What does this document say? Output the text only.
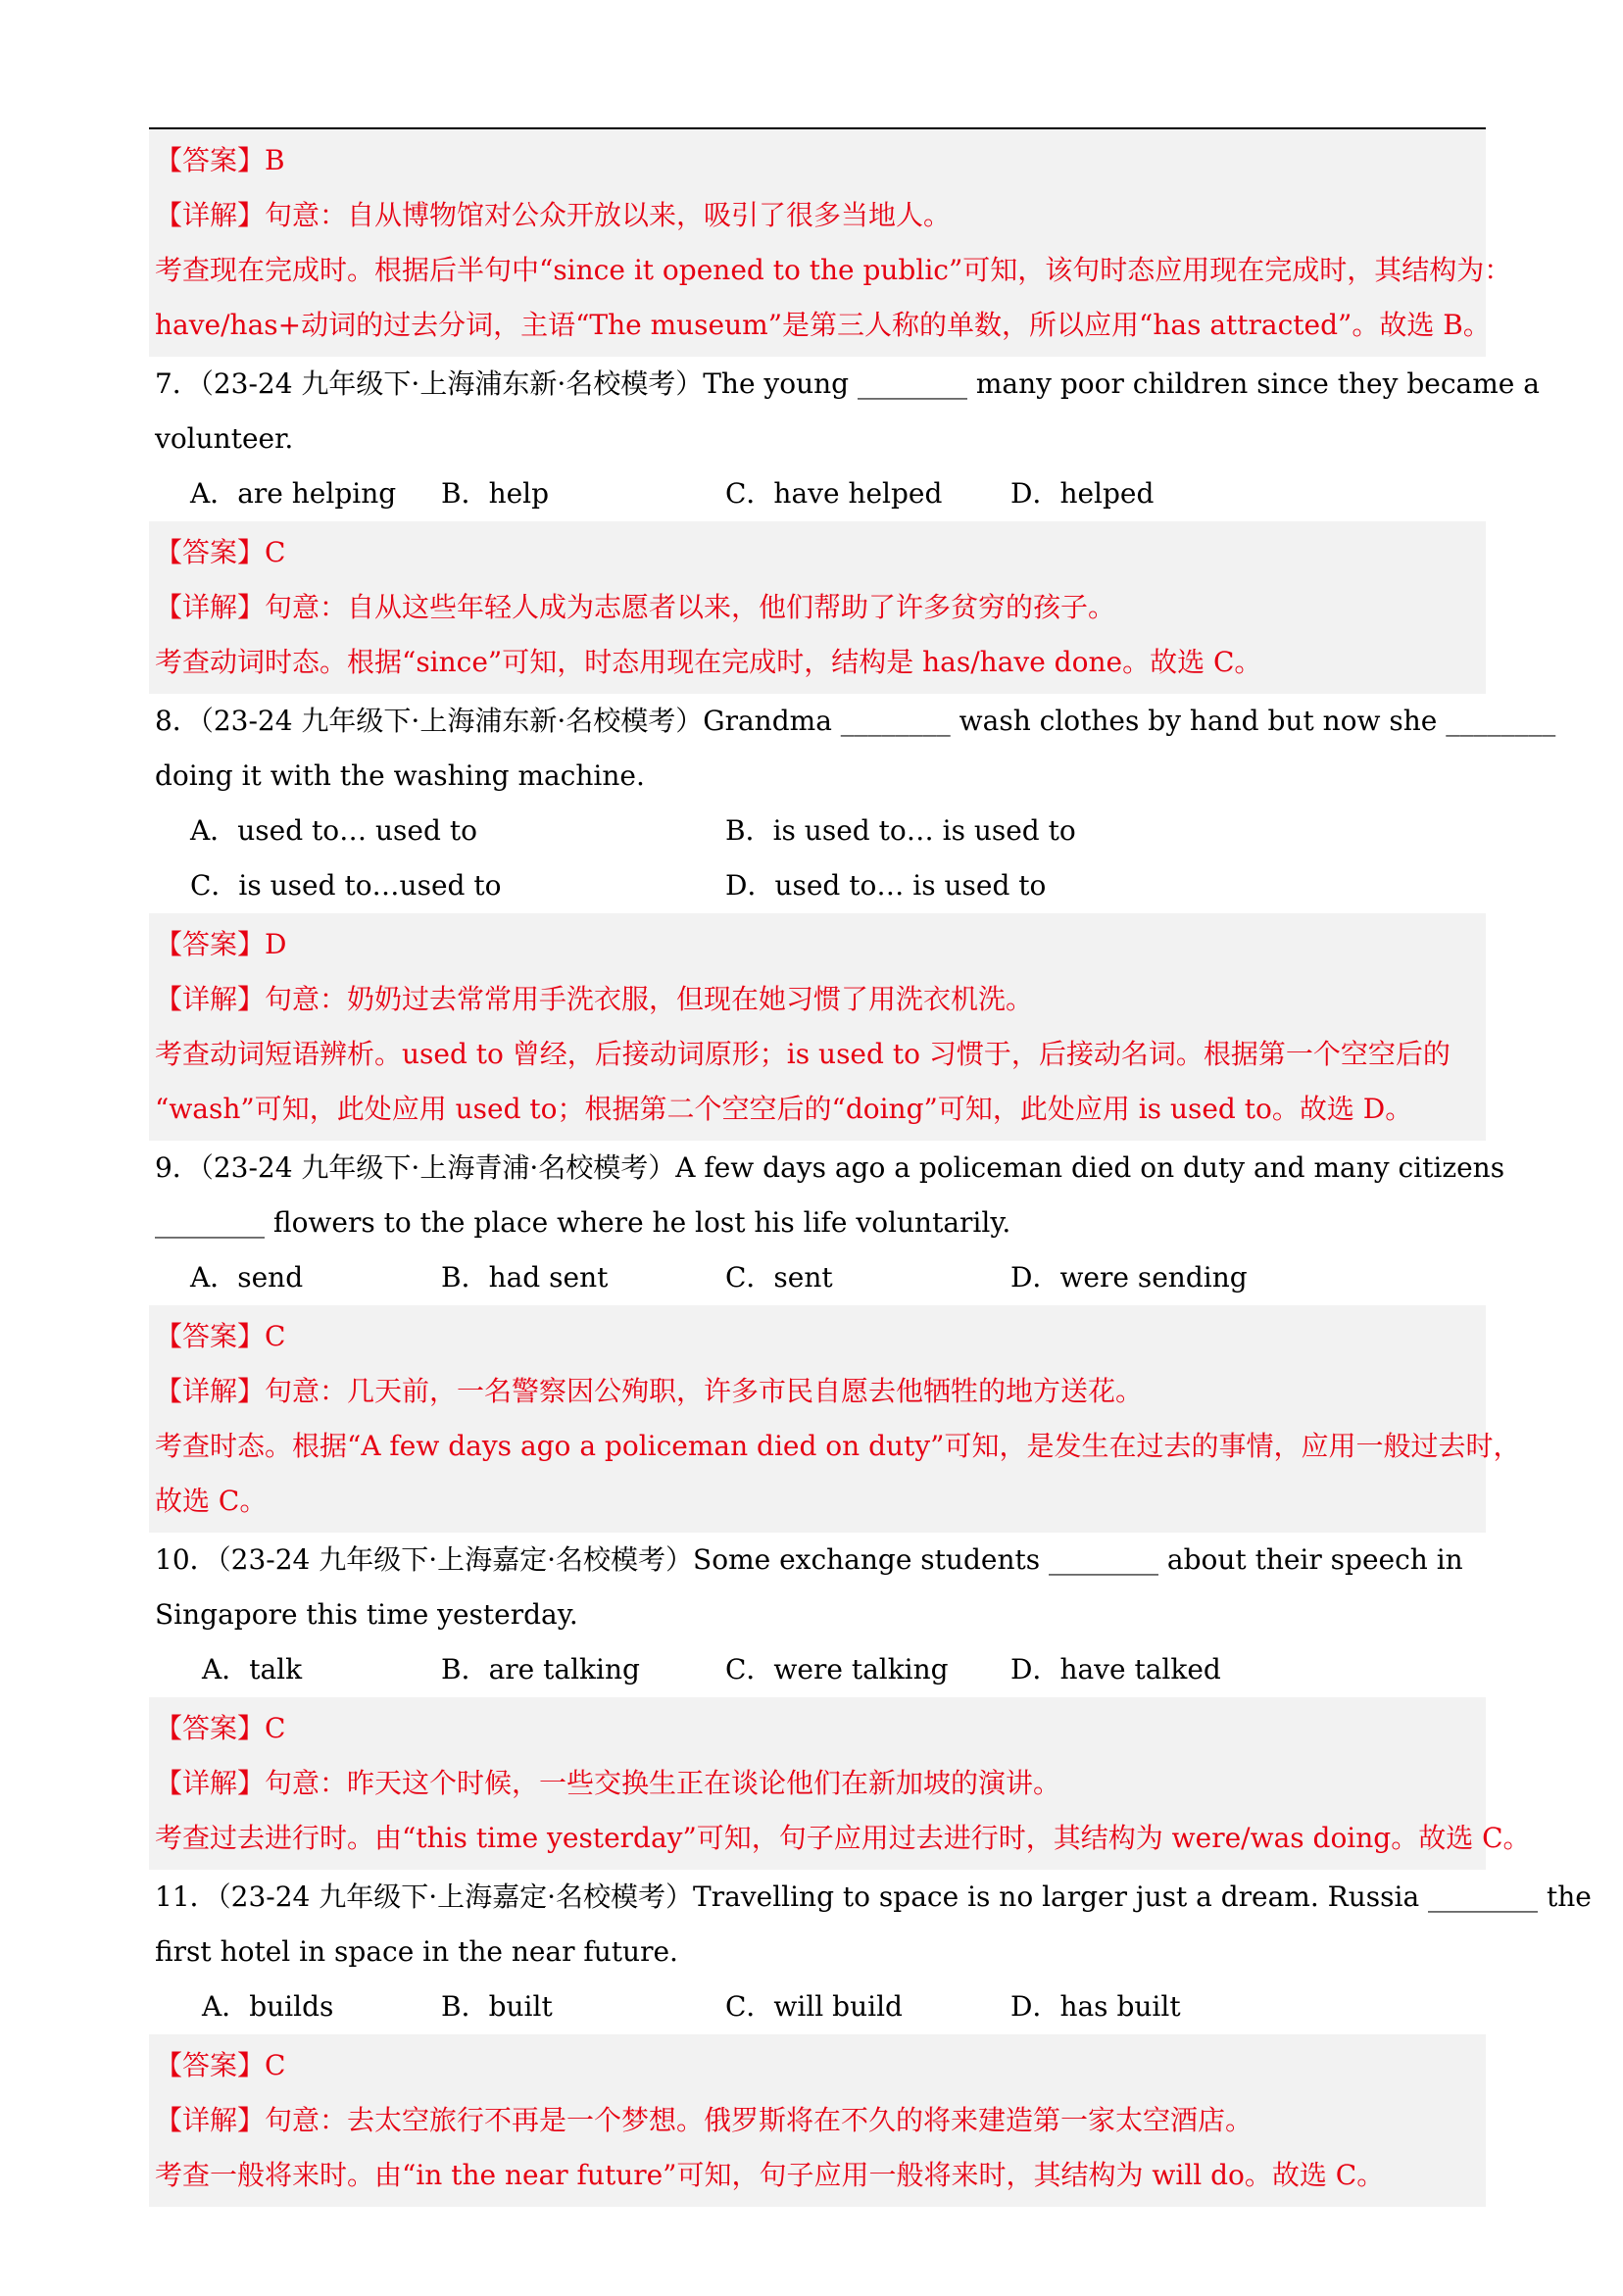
【答案】B
【详解】句意：自从博物馆对公众开放以来，吸引了很多当地人。
考查现在完成时。根据后半句中“since it opened to the public”可知，该句时态应用现在完成时，其结构为：
have/has+动词的过去分词，主语“The museum”是第三人称的单数，所以应用“has attracted”。故选 B。
7．（23-24 九年级下·上海浦东新·名校模考）The young ________ many poor children since they became a
volunteer.
A．are helping B．help	C．have helped D．helped
【答案】C
【详解】句意：自从这些年轻人成为志愿者以来，他们帮助了许多贫穷的孩子。
考查动词时态。根据“since”可知，时态用现在完成时，结构是 has/have done。故选 C。
8．（23-24 九年级下·上海浦东新·名校模考）Grandma ________ wash clothes by hand but now she ________
doing it with the washing machine.
A．used to… used to	B．is used to… is used to
C．is used to…used to	D．used to… is used to
【答案】D
【详解】句意：奶奶过去常常用手洗衣服，但现在她习惯了用洗衣机洗。
考查动词短语辨析。used to 曾经，后接动词原形；is used to 习惯于，后接动名词。根据第一个空空后的
“wash”可知，此处应用 used to；根据第二个空空后的“doing”可知，此处应用 is used to。故选 D。
9．（23-24 九年级下·上海青浦·名校模考）A few days ago a policeman died on duty and many citizens
________ flowers to the place where he lost his life voluntarily.
A．send	B．had sent	C．sent	D．were sending
【答案】C
【详解】句意：几天前，一名警察因公殉职，许多市民自愿去他牺牲的地方送花。
考查时态。根据“A few days ago a policeman died on duty”可知，是发生在过去的事情，应用一般过去时，
故选 C。
10．（23-24 九年级下·上海嘉定·名校模考）Some exchange students ________ about their speech in
Singapore this time yesterday.
A．talk	B．are talking	C．were talking D．have talked
【答案】C
【详解】句意：昨天这个时候，一些交换生正在谈论他们在新加坡的演讲。
考查过去进行时。由“this time yesterday”可知，句子应用过去进行时，其结构为 were/was doing。故选 C。
11．（23-24 九年级下·上海嘉定·名校模考）Travelling to space is no larger just a dream. Russia ________ the
first hotel in space in the near future.
A．builds	B．built	C．will build	D．has built
【答案】C
【详解】句意：去太空旅行不再是一个梦想。俄罗斯将在不久的将来建造第一家太空酒店。
考查一般将来时。由“in the near future”可知，句子应用一般将来时，其结构为 will do。故选 C。
